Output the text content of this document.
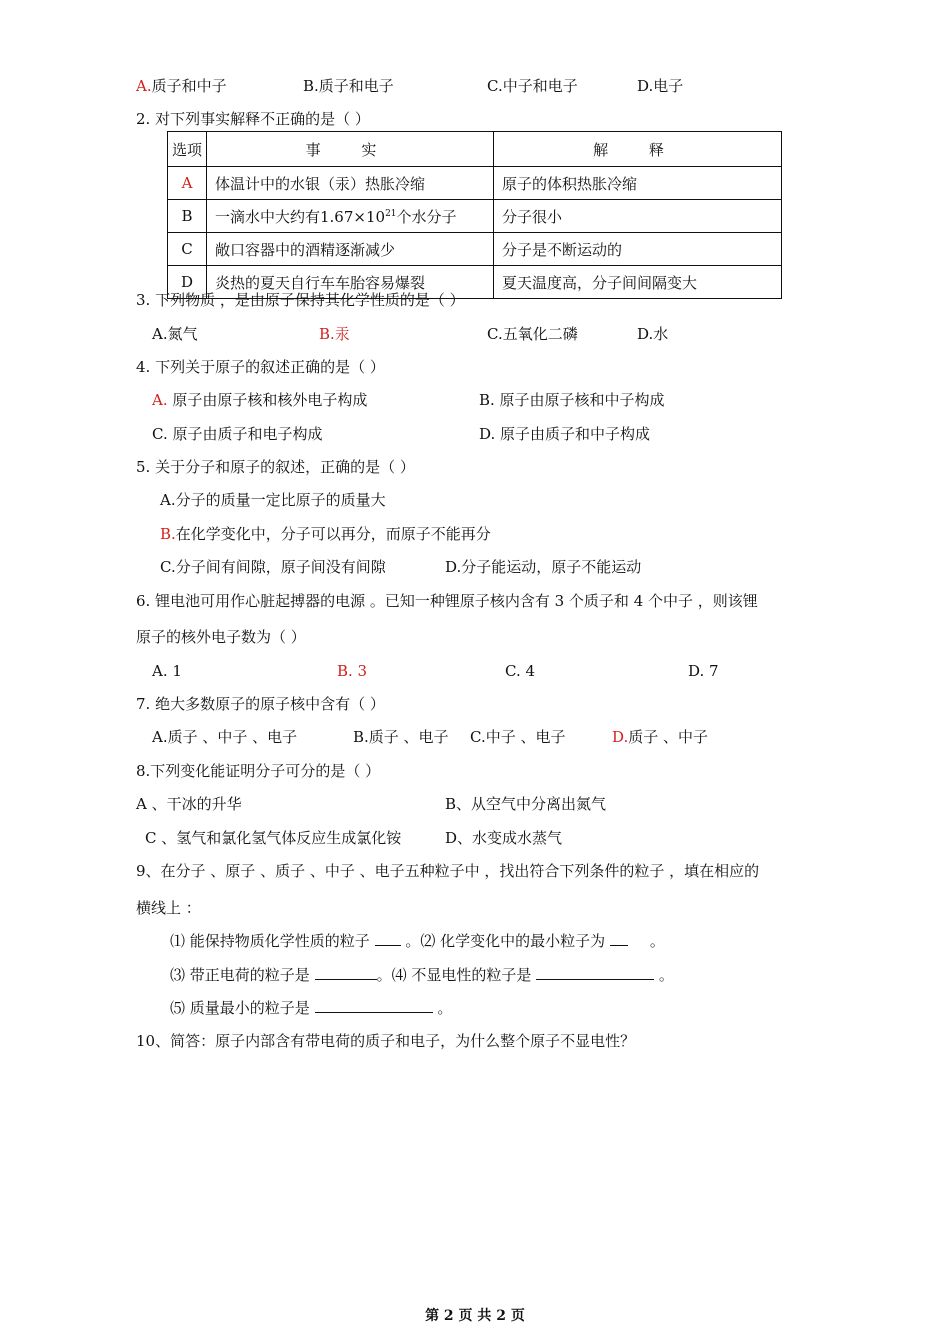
A.质子和中子	B.质子和电子	C.中子和电子	D.电子
2. 对下列事实解释不正确的是（ ）
选项	事 实	解 释
A	体温计中的水银（汞）热胀冷缩	原子的体积热胀冷缩
B	一滴水中大约有$1.67\times 10^{21}$个水分子	分子很小
C	敞口容器中的酒精逐渐减少	分子是不断运动的
D	炎热的夏天自行车车胎容易爆裂	夏天温度高，分子间间隔变大
3. 下列物质 ，是由原子保持其化学性质的是（ ）
A.氮气	B.汞	C.五氧化二磷	D.水
4. 下列关于原子的叙述正确的是（ ）
A. 原子由原子核和核外电子构成	B. 原子由原子核和中子构成
C. 原子由质子和电子构成	D. 原子由质子和中子构成
5. 关于分子和原子的叙述，正确的是（ ）
A.分子的质量一定比原子的质量大
B.在化学变化中，分子可以再分，而原子不能再分
C.分子间有间隙，原子间没有间隙	D.分子能运动，原子不能运动
6. 锂电池可用作心脏起搏器的电源 。已知一种锂原子核内含有 3 个质子和 4 个中子 ，则该锂
原子的核外电子数为（ ）
A. 1	B. 3	C. 4	D. 7
7. 绝大多数原子的原子核中含有（ ）
A.质子 、中子 、电子	B.质子 、电子 C.中子 、电子	D.质子 、中子
8.下列变化能证明分子可分的是（ ）
A 、干冰的升华	B、从空气中分离出氮气
C 、氢气和氯化氢气体反应生成氯化铵	D、水变成水蒸气
9、在分子 、原子 、质子 、中子 、电子五种粒子中 ，找出符合下列条件的粒子 ，填在相应的
横线上 ：
⑴ 能保持物质化学性质的粒子 。⑵ 化学变化中的最小粒子为	。
⑶ 带正电荷的粒子是	。⑷ 不显电性的粒子是	。
⑸ 质量最小的粒子是	。
10、简答：原子内部含有带电荷的质子和电子，为什么整个原子不显电性？
第 2 页 共 2 页
